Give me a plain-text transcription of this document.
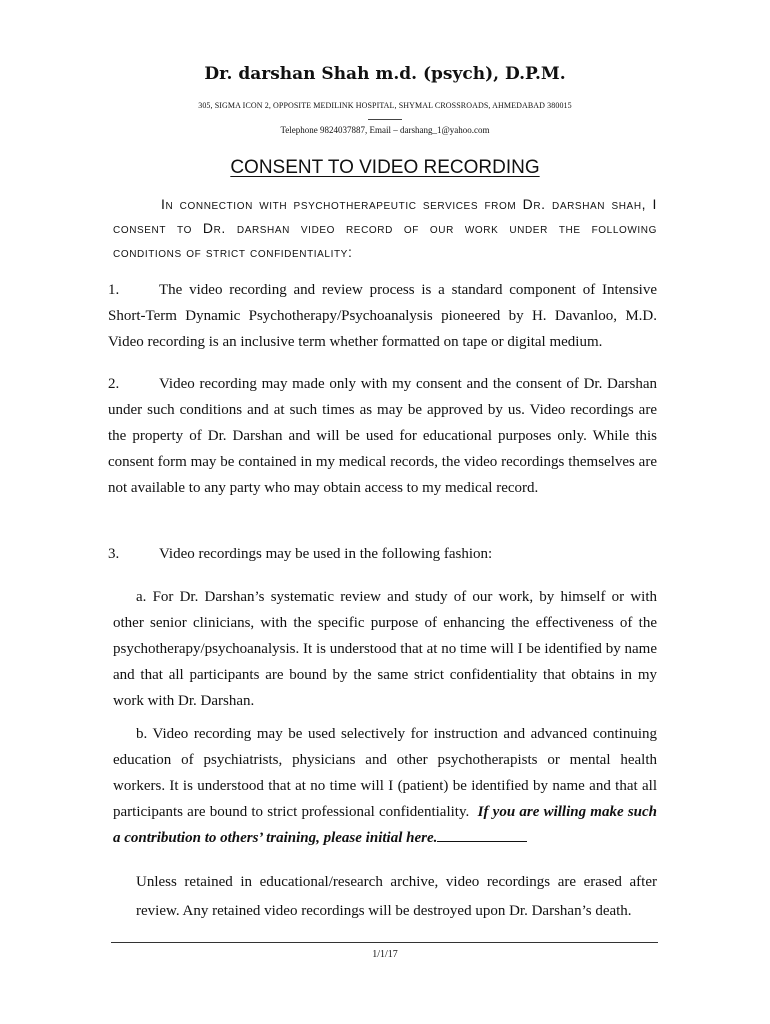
Dr. darshan Shah m.d. (psych), D.P.M.
305, SIGMA ICON 2, OPPOSITE MEDILINK HOSPITAL, SHYMAL CROSSROADS, AHMEDABAD 380015
Telephone 9824037887, Email – darshang_1@yahoo.com
CONSENT TO VIDEO RECORDING

In connection with psychotherapeutic services from Dr. darshan shah, I consent to Dr. darshan video record of our work under the following conditions of strict confidentiality:

1.	The video recording and review process is a standard component of Intensive Short-Term Dynamic Psychotherapy/Psychoanalysis pioneered by H. Davanloo, M.D. Video recording is an inclusive term whether formatted on tape or digital medium.

2.	Video recording may made only with my consent and the consent of Dr. Darshan under such conditions and at such times as may be approved by us. Video recordings are the property of Dr. Darshan and will be used for educational purposes only. While this consent form may be contained in my medical records, the video recordings themselves are not available to any party who may obtain access to my medical record.

3.	Video recordings may be used in the following fashion:

a. For Dr. Darshan’s systematic review and study of our work, by himself or with other senior clinicians, with the specific purpose of enhancing the effectiveness of the psychotherapy/psychoanalysis. It is understood that at no time will I be identified by name and that all participants are bound by the same strict confidentiality that obtains in my work with Dr. Darshan.

b. Video recording may be used selectively for instruction and advanced continuing education of psychiatrists, physicians and other psychotherapists or mental health workers. It is understood that at no time will I (patient) be identified by name and that all participants are bound to strict professional confidentiality. If you are willing make such a contribution to others’ training, please initial here.

Unless retained in educational/research archive, video recordings are erased after review. Any retained video recordings will be destroyed upon Dr. Darshan’s death.

1/1/17
